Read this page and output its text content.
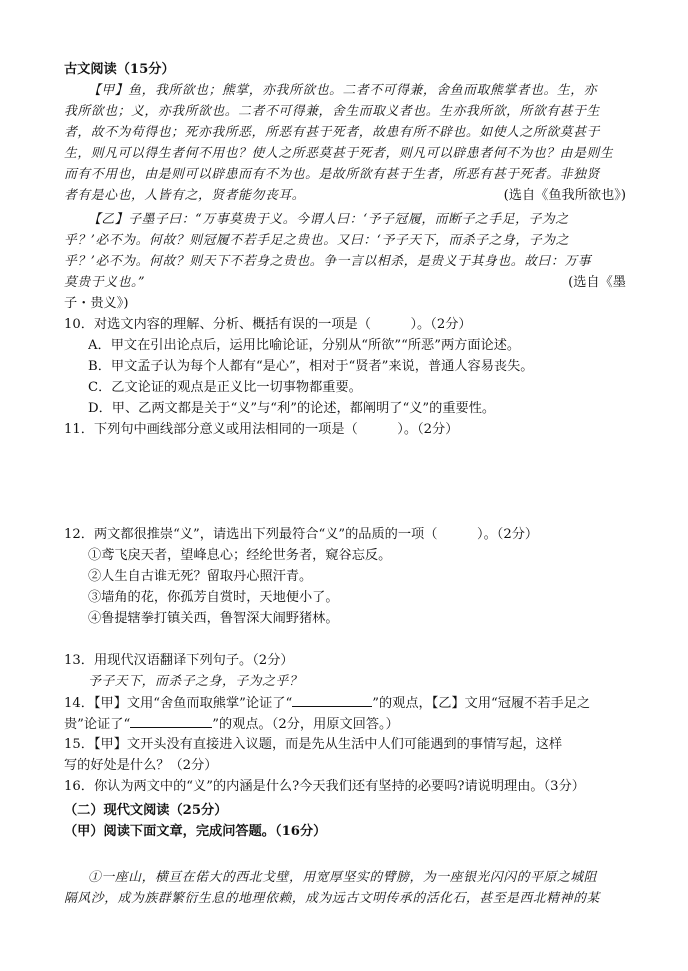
古文阅读（15分）
【甲】鱼，我所欲也；熊掌，亦我所欲也。二者不可得兼，舍鱼而取熊掌者也。生，亦
我所欲也；义，亦我所欲也。二者不可得兼，舍生而取义者也。生亦我所欲，所欲有甚于生
者，故不为苟得也；死亦我所恶，所恶有甚于死者，故患有所不辟也。如使人之所欲莫甚于
生，则凡可以得生者何不用也？使人之所恶莫甚于死者，则凡可以辟患者何不为也？由是则生
而有不用也，由是则可以辟患而有不为也。是故所欲有甚于生者，所恶有甚于死者。非独贤
者有是心也，人皆有之，贤者能勿丧耳。	(选自《鱼我所欲也》)
【乙】子墨子曰：“万事莫贵于义。今谓人曰：‘予子冠履，而断子之手足，子为之
乎？’必不为。何故？则冠履不若手足之贵也。又曰：‘予子天下，而杀子之身，子为之
乎？’必不为。何故？则天下不若身之贵也。争一言以相杀，是贵义于其身也。故曰：万事
莫贵于义也。”	(选自《墨
子・贵义》)
10．对选文内容的理解、分析、概括有误的一项是（　　　）。（2分）
A．甲文在引出论点后，运用比喻论证，分别从“所欲”“所恶”两方面论述。
B．甲文孟子认为每个人都有“是心”，相对于“贤者”来说，普通人容易丧失。
C．乙文论证的观点是正义比一切事物都重要。
D．甲、乙两文都是关于“义”与“利”的论述，都阐明了“义”的重要性。
11．下列句中画线部分意义或用法相同的一项是（　　　）。（2分）
12．两文都很推崇“义”，请选出下列最符合“义”的品质的一项（　　　）。（2分）
①鸢飞戾天者，望峰息心；经纶世务者，窥谷忘反。
②人生自古谁无死？留取丹心照汗青。
③墙角的花，你孤芳自赏时，天地便小了。
④鲁提辖拳打镇关西，鲁智深大闹野猪林。
13．用现代汉语翻译下列句子。（2分）
予子天下，而杀子之身，子为之乎？
14．【甲】文用“舍鱼而取熊掌”论证了“	”的观点，【乙】文用“冠履不若手足之
贵”论证了“	”的观点。（2分，用原文回答。）
15．【甲】文开头没有直接进入议题，而是先从生活中人们可能遇到的事情写起，这样
写的好处是什么？（2分）
16．你认为两文中的“义”的内涵是什么?今天我们还有坚持的必要吗?请说明理由。（3分）
（二）现代文阅读（25分）
（甲）阅读下面文章，完成问答题。（16分）
①一座山，横亘在偌大的西北戈壁，用宽厚坚实的臂膀，为一座银光闪闪的平原之城阻
隔风沙，成为族群繁衍生息的地理依赖，成为远古文明传承的活化石，甚至是西北精神的某
